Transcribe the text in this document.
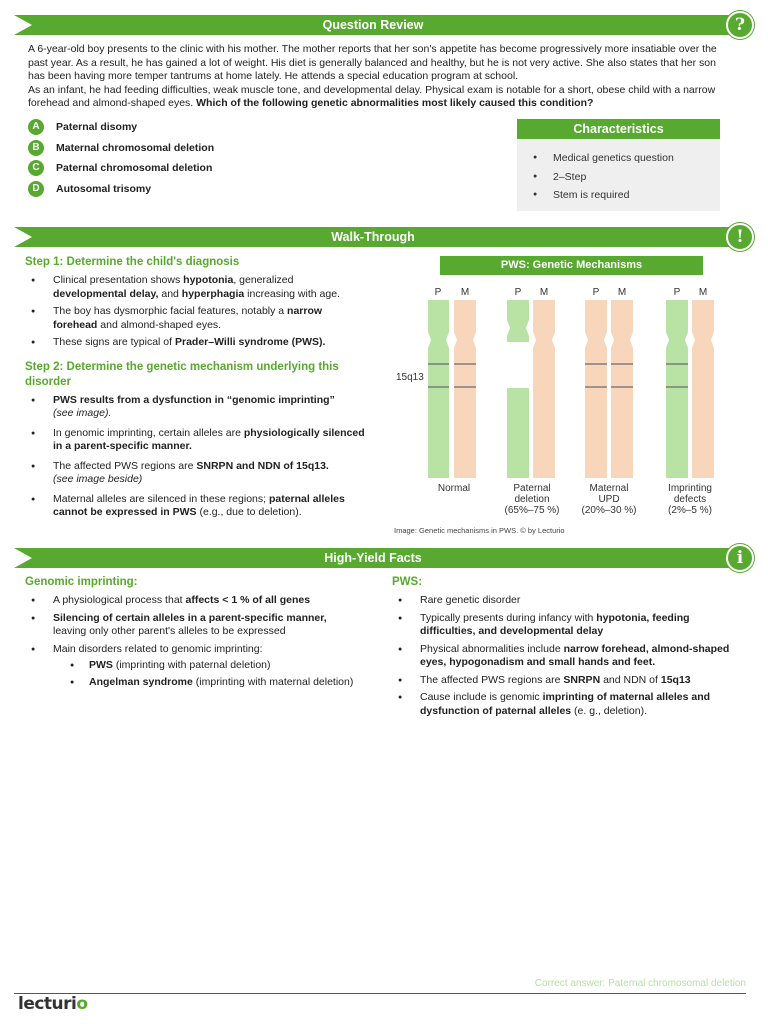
Question Review	?
A 6-year-old boy presents to the clinic with his mother. The mother reports that her son's appetite has become progressively more insatiable over the past year. As a result, he has gained a lot of weight. His diet is generally balanced and healthy, but he is not very active. She also states that her son has been having more temper tantrums at home lately. He attends a special education program at school.
As an infant, he had feeding difficulties, weak muscle tone, and developmental delay. Physical exam is notable for a short, obese child with a narrow forehead and almond-shaped eyes. Which of the following genetic abnormalities most likely caused this condition?
A	Paternal disomy
B	Maternal chromosomal deletion
C	Paternal chromosomal deletion
D	Autosomal trisomy
Characteristics
● Medical genetics question
● 2–Step
● Stem is required
Walk-Through	!
Step 1: Determine the child's diagnosis
● Clinical presentation shows hypotonia, generalized developmental delay, and hyperphagia increasing with age.
● The boy has dysmorphic facial features, notably a narrow forehead and almond-shaped eyes.
● These signs are typical of Prader–Willi syndrome (PWS).
Step 2: Determine the genetic mechanism underlying this disorder
● PWS results from a dysfunction in “genomic imprinting”
(see image).
● In genomic imprinting, certain alleles are physiologically silenced in a parent-specific manner.
● The affected PWS regions are SNRPN and NDN of 15q13.
(see image beside)
● Maternal alleles are silenced in these regions; paternal alleles cannot be expressed in PWS (e.g., due to deletion).
PWS: Genetic Mechanisms
P M	P M	P M	P M
15q13
Normal	Paternal
deletion
(65%–75 %)
Maternal
UPD
(20%–30 %)
Imprinting
defects
(2%–5 %)
Image: Genetic mechanisms in PWS. © by Lecturio
High-Yield Facts	i
Genomic imprinting:
● A physiological process that affects < 1 % of all genes
● Silencing of certain alleles in a parent-specific manner, leaving only other parent's alleles to be expressed
● Main disorders related to genomic imprinting:
● PWS (imprinting with paternal deletion)
● Angelman syndrome (imprinting with maternal deletion)
PWS:
● Rare genetic disorder
● Typically presents during infancy with hypotonia, feeding difficulties, and developmental delay
● Physical abnormalities include narrow forehead, almond-shaped eyes, hypogonadism and small hands and feet.
● The affected PWS regions are SNRPN and NDN of 15q13
● Cause include is genomic imprinting of maternal alleles and dysfunction of paternal alleles (e. g., deletion).
Correct answer: Paternal chromosomal deletion
lecturio
